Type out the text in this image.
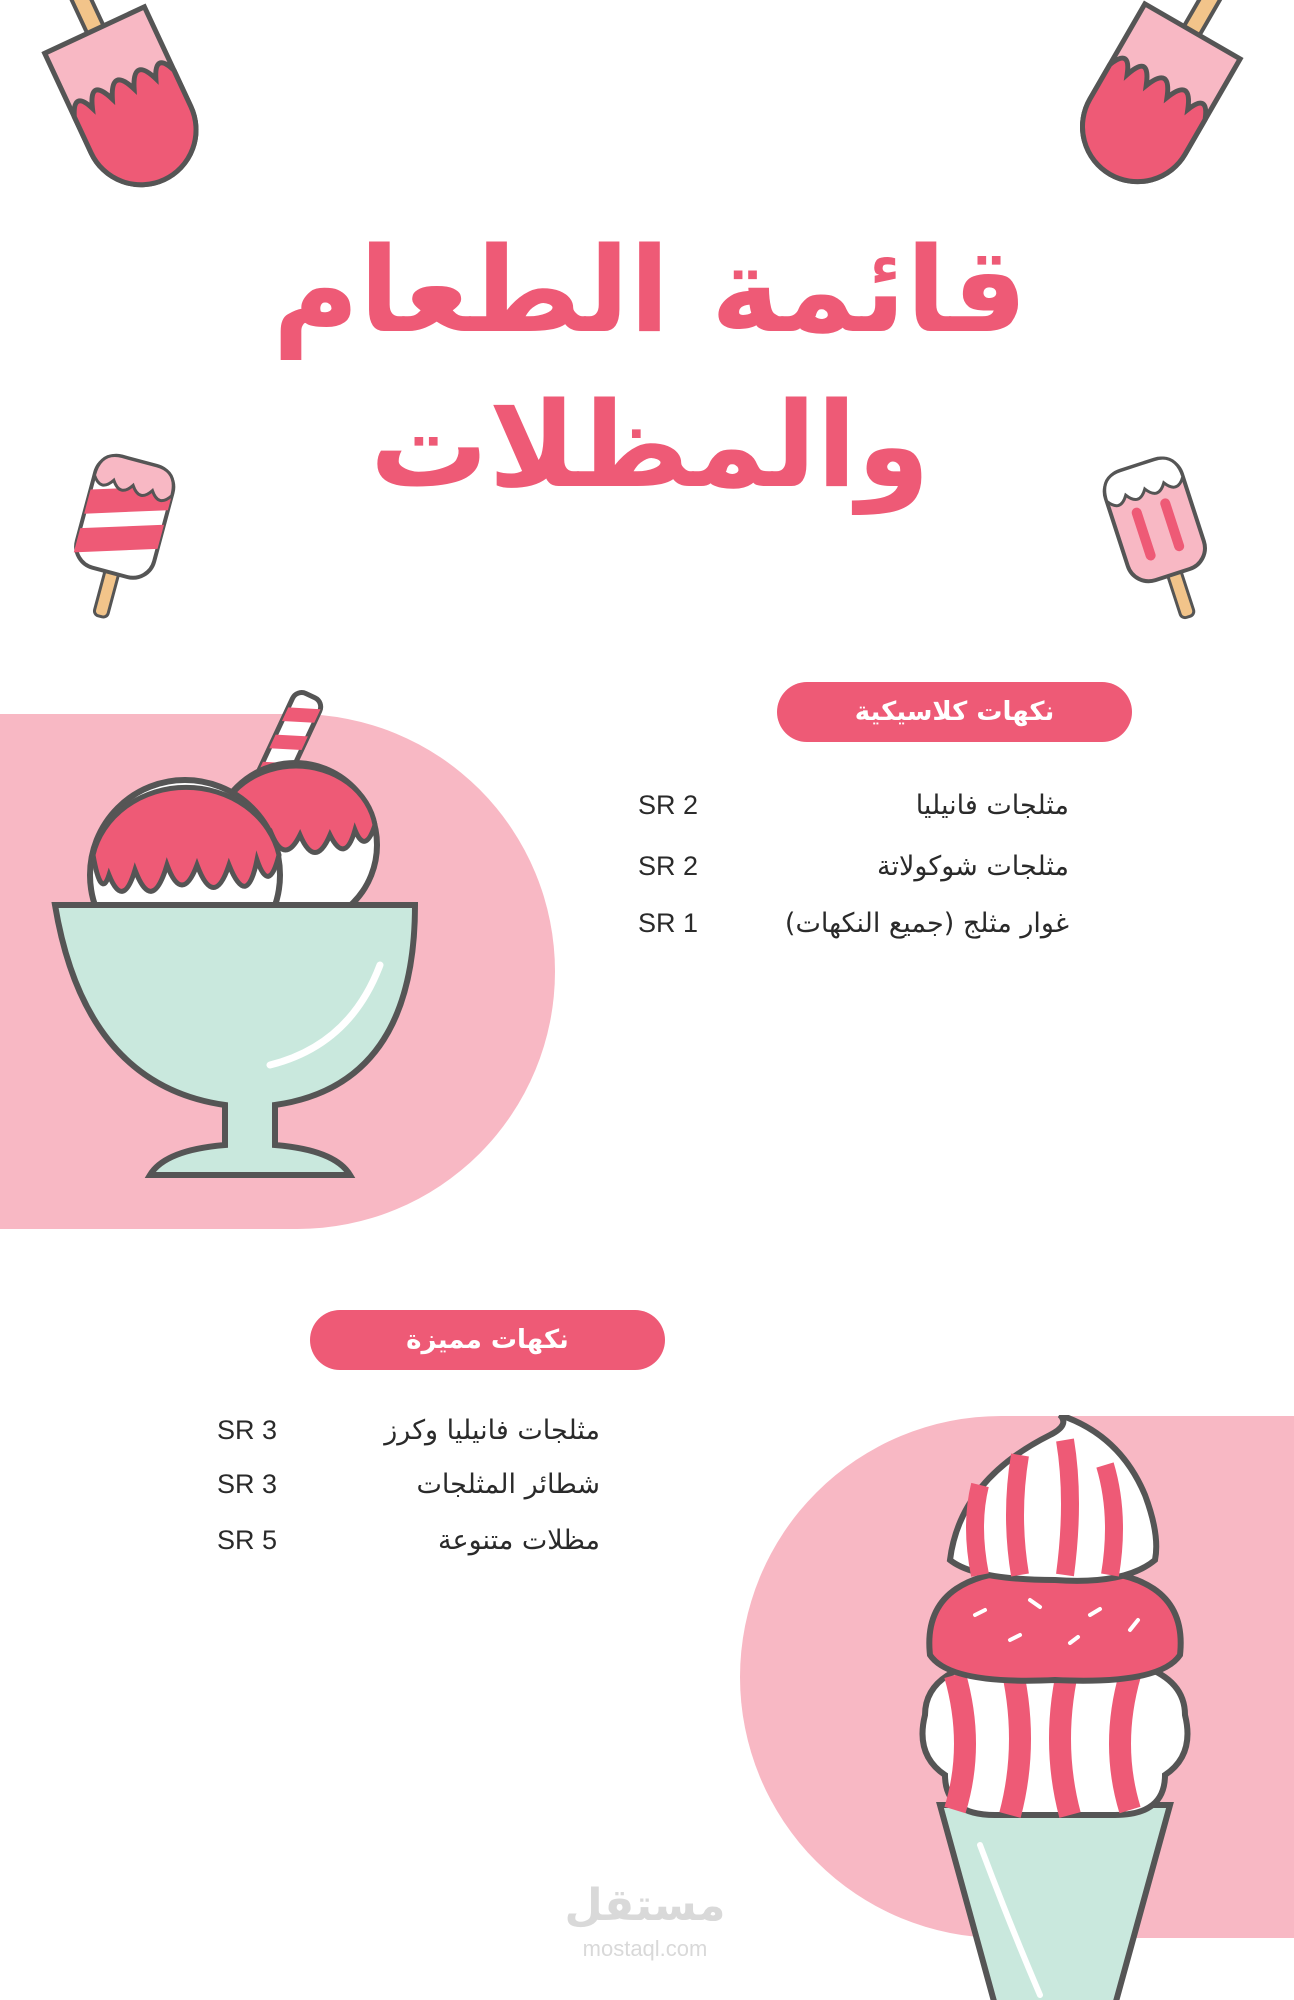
قائمة الطعام
والمظلات
نكهات كلاسيكية
مثلجات فانيليا
SR 2
مثلجات شوكولاتة
SR 2
غوار مثلج (جميع النكهات)
SR 1
نكهات مميزة
مثلجات فانيليا وكرز
SR 3
شطائر المثلجات
SR 3
مظلات متنوعة
SR 5
مستقل
mostaql.com
